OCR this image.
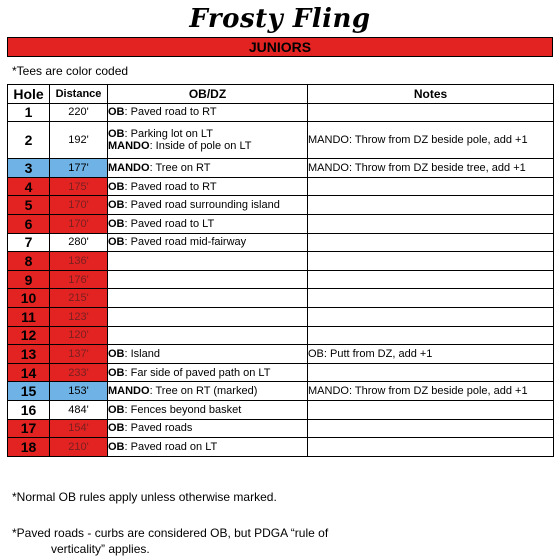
Frosty Fling
JUNIORS
*Tees are color coded
Hole	Distance	OB/DZ	Notes
1	220'	OB: Paved road to RT	

2	192'	OB: Parking lot on LT
MANDO: Inside of pole on LT	MANDO: Throw from DZ beside pole, add +1
3	177'	MANDO: Tree on RT	MANDO: Throw from DZ beside tree, add +1
4	175'	OB: Paved road to RT	

5	170'	OB: Paved road surrounding island	

6	170'	OB: Paved road to LT	

7	280'	OB: Paved road mid-fairway	

8	136'		
9	176'		
10	215'		
11	123'		
12	120'		
13	137'	OB: Island	OB: Putt from DZ, add +1
14	233'	OB: Far side of paved path on LT	

15	153'	MANDO: Tree on RT (marked)	MANDO: Throw from DZ beside pole, add +1
16	484'	OB: Fences beyond basket	

17	154'	OB: Paved roads	

18	210'	OB: Paved road on LT	

*Normal OB rules apply unless otherwise marked.
*Paved roads - curbs are considered OB, but PDGA “rule of
verticality” applies.
